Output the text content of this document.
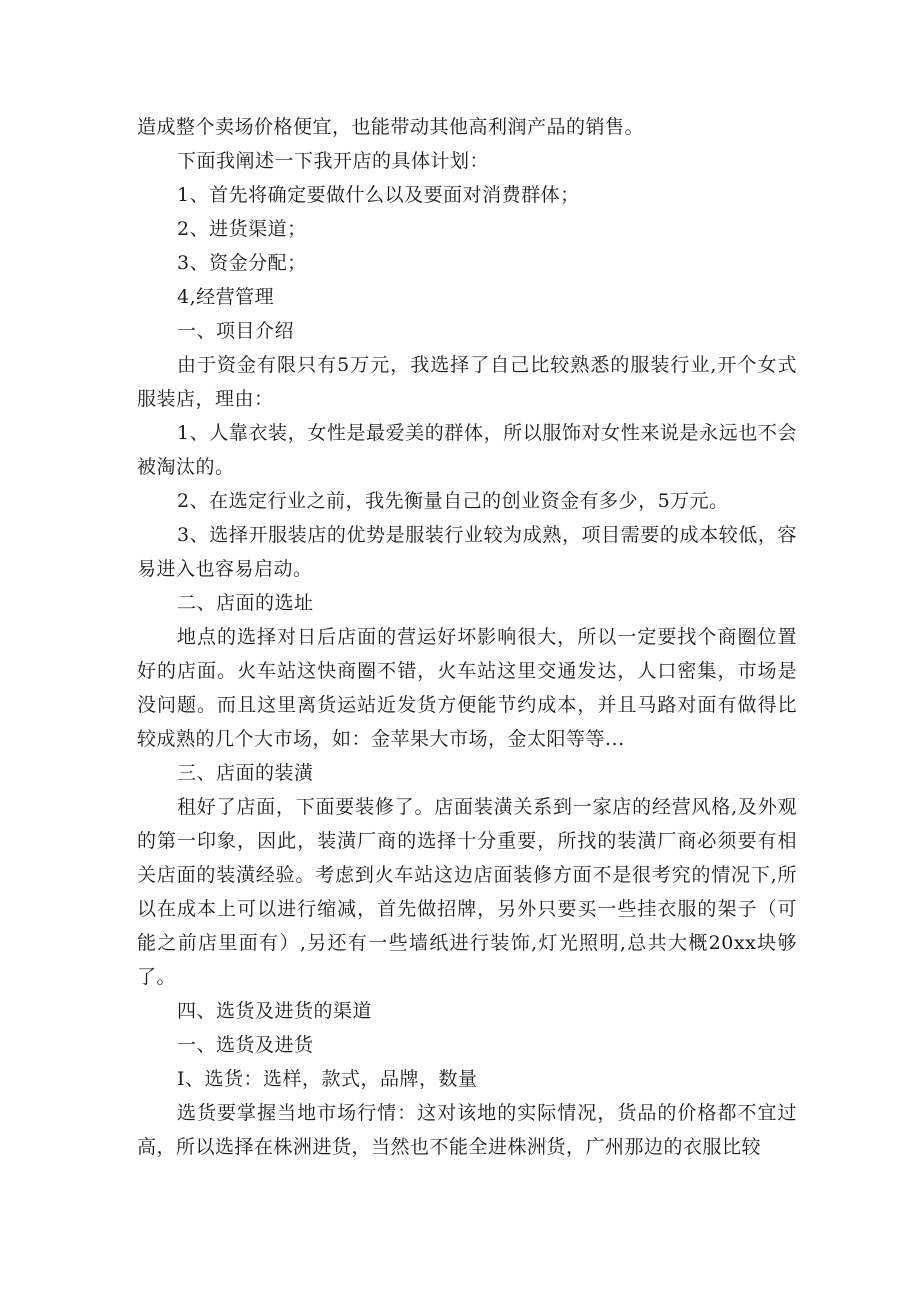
造成整个卖场价格便宜，也能带动其他高利润产品的销售。

下面我阐述一下我开店的具体计划：

1、首先将确定要做什么以及要面对消费群体；

2、进货渠道；

3、资金分配；

4,经营管理

一、项目介绍

由于资金有限只有5万元，我选择了自己比较熟悉的服装行业,开个女式服装店，理由：

1、人靠衣装，女性是最爱美的群体，所以服饰对女性来说是永远也不会被淘汰的。

2、在选定行业之前，我先衡量自己的创业资金有多少，5万元。

3、选择开服装店的优势是服装行业较为成熟，项目需要的成本较低，容易进入也容易启动。

二、店面的选址

地点的选择对日后店面的营运好坏影响很大，所以一定要找个商圈位置好的店面。火车站这快商圈不错，火车站这里交通发达，人口密集，市场是没问题。而且这里离货运站近发货方便能节约成本，并且马路对面有做得比较成熟的几个大市场，如：金苹果大市场，金太阳等等...

三、店面的装潢

租好了店面，下面要装修了。店面装潢关系到一家店的经营风格,及外观的第一印象，因此，装潢厂商的选择十分重要，所找的装潢厂商必须要有相关店面的装潢经验。考虑到火车站这边店面装修方面不是很考究的情况下,所以在成本上可以进行缩减，首先做招牌，另外只要买一些挂衣服的架子（可能之前店里面有）,另还有一些墙纸进行装饰,灯光照明,总共大概20xx块够了。

四、选货及进货的渠道

一、选货及进货

I、选货：选样，款式，品牌，数量

选货要掌握当地市场行情：这对该地的实际情况，货品的价格都不宜过高，所以选择在株洲进货，当然也不能全进株洲货，广州那边的衣服比较
